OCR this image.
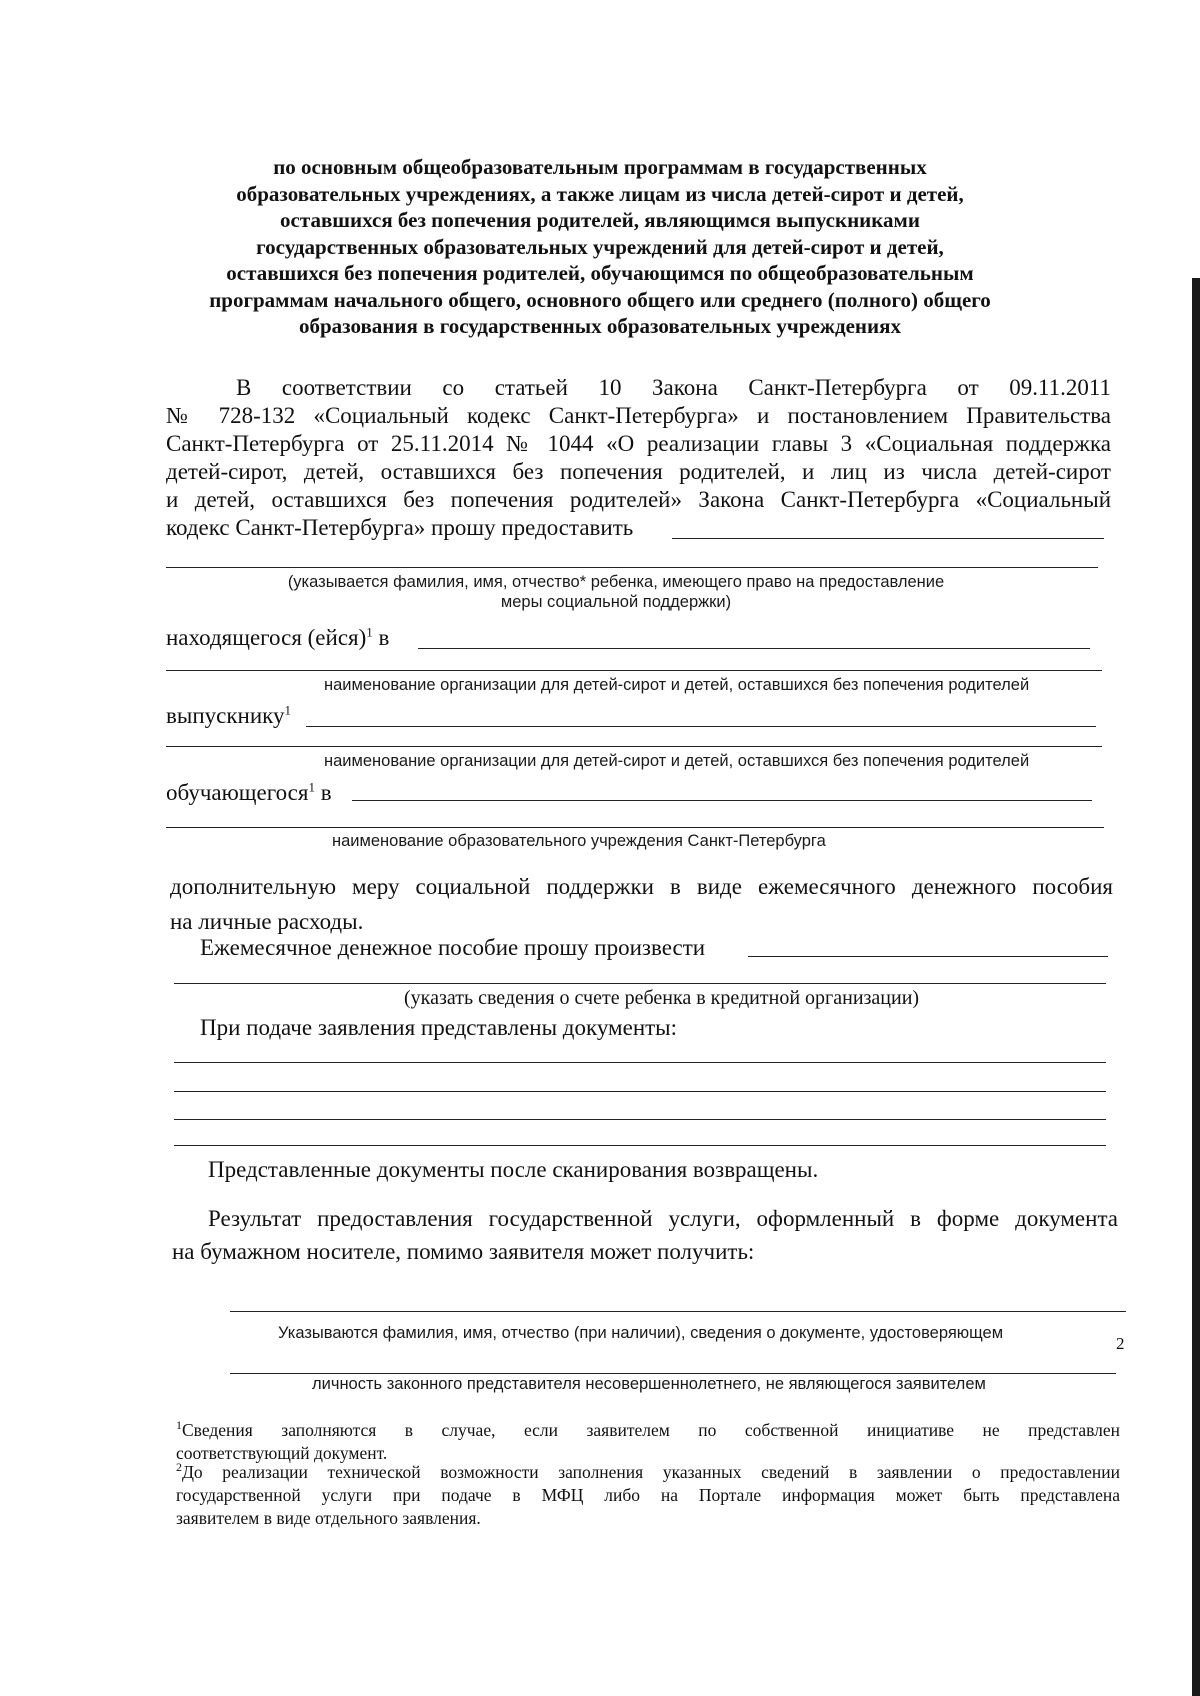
по основным общеобразовательным программам в государственных
образовательных учреждениях, а также лицам из числа детей-сирот и детей,
оставшихся без попечения родителей, являющимся выпускниками
государственных образовательных учреждений для детей-сирот и детей,
оставшихся без попечения родителей, обучающимся по общеобразовательным
программам начального общего, основного общего или среднего (полного) общего
образования в государственных образовательных учреждениях
В соответствии со статьей 10 Закона Санкт-Петербурга от 09.11.2011
№ 728-132 «Социальный кодекс Санкт-Петербурга» и постановлением Правительства
Санкт-Петербурга от 25.11.2014 № 1044 «О реализации главы 3 «Социальная поддержка
детей-сирот, детей, оставшихся без попечения родителей, и лиц из числа детей-сирот
и детей, оставшихся без попечения родителей» Закона Санкт-Петербурга «Социальный
кодекс Санкт-Петербурга» прошу предоставить
(указывается фамилия, имя, отчество* ребенка, имеющего право на предоставление
меры социальной поддержки)
находящегося (ейся)$^1$ в
наименование организации для детей-сирот и детей, оставшихся без попечения родителей
выпускнику$^1$
наименование организации для детей-сирот и детей, оставшихся без попечения родителей
обучающегося$^1$ в
наименование образовательного учреждения Санкт-Петербурга
дополнительную меру социальной поддержки в виде ежемесячного денежного пособия
на личные расходы.
Ежемесячное денежное пособие прошу произвести
(указать сведения о счете ребенка в кредитной организации)
При подаче заявления представлены документы:
Представленные документы после сканирования возвращены.
Результат предоставления государственной услуги, оформленный в форме документа
на бумажном носителе, помимо заявителя может получить:
Указываются фамилия, имя, отчество (при наличии), сведения о документе, удостоверяющем
2
личность законного представителя несовершеннолетнего, не являющегося заявителем
$^1$Сведения заполняются в случае, если заявителем по собственной инициативе не представлен
соответствующий документ.
$^2$До реализации технической возможности заполнения указанных сведений в заявлении о предоставлении
государственной услуги при подаче в МФЦ либо на Портале информация может быть представлена
заявителем в виде отдельного заявления.
